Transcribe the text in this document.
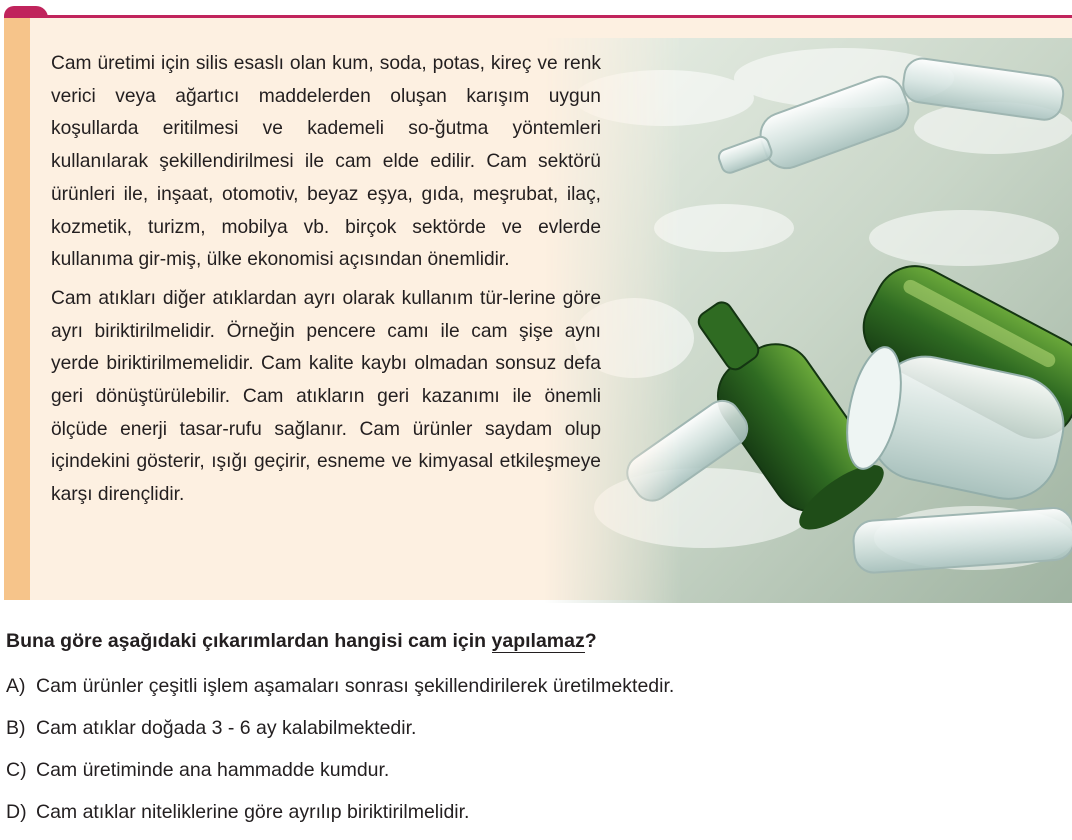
Cam üretimi için silis esaslı olan kum, soda, potas, kireç ve renk verici veya ağartıcı maddelerden oluşan karışım uygun koşullarda eritilmesi ve kademeli so-ğutma yöntemleri kullanılarak şekillendirilmesi ile cam elde edilir. Cam sektörü ürünleri ile, inşaat, otomotiv, beyaz eşya, gıda, meşrubat, ilaç, kozmetik, turizm, mobilya vb. birçok sektörde ve evlerde kullanıma gir-miş, ülke ekonomisi açısından önemlidir.

Cam atıkları diğer atıklardan ayrı olarak kullanım tür-lerine göre ayrı biriktirilmelidir. Örneğin pencere camı ile cam şişe aynı yerde biriktirilmemelidir. Cam kalite kaybı olmadan sonsuz defa geri dönüştürülebilir. Cam atıkların geri kazanımı ile önemli ölçüde enerji tasar-rufu sağlanır. Cam ürünler saydam olup içindekini gösterir, ışığı geçirir, esneme ve kimyasal etkileşmeye karşı dirençlidir.

Buna göre aşağıdaki çıkarımlardan hangisi cam için yapılamaz?
A) Cam ürünler çeşitli işlem aşamaları sonrası şekillendirilerek üretilmektedir.
B) Cam atıklar doğada 3 - 6 ay kalabilmektedir.
C) Cam üretiminde ana hammadde kumdur.
D) Cam atıklar niteliklerine göre ayrılıp biriktirilmelidir.
